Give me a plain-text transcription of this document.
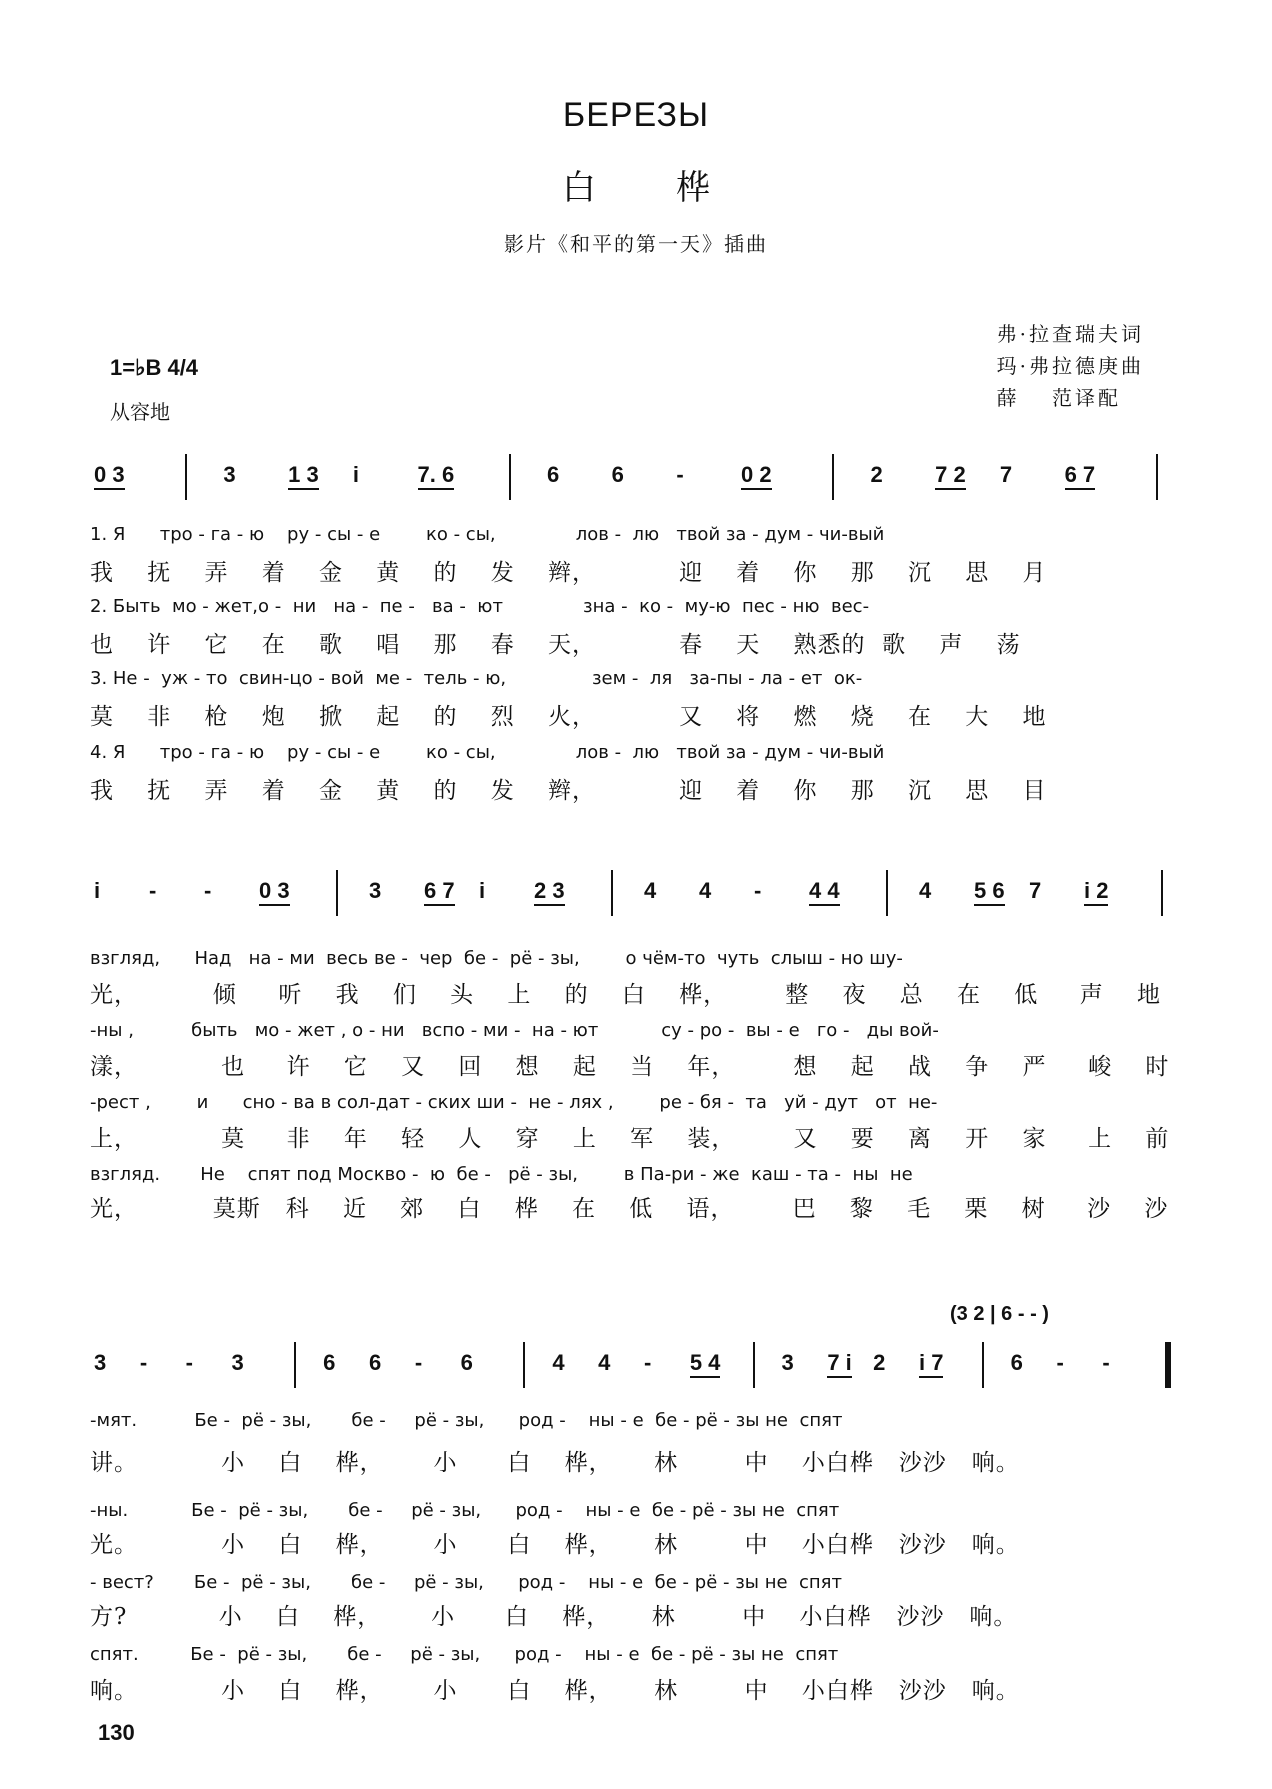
БЕРЕЗЫ
白桦
影片《和平的第一天》插曲
弗·拉查瑞夫词
玛·弗拉德庚曲
薛　 范译配
1=♭B 4/4
从容地
0 3	3 1 3 i	7. 6	6 6 -	0 2	2 7 2 7 6 7
1. Я      тро - га - ю    ру - сы - е        ко - сы,              лов -  лю   твой за - дум - чи-вый
我    抚    弄    着    金    黄    的    发    辫，          迎    着    你    那    沉    思    月
2. Быть  мо - жет,о -  ни   на -  пе -   ва -  ют              зна -  ко -  му-ю  пес - ню  вес-
也    许    它    在    歌    唱    那    春    天，          春    天    熟悉的  歌    声    荡
3. Не -  уж - то  свин-цо - вой  ме -  тель - ю,               зем -  ля   за-пы - ла - ет  ок-
莫    非    枪    炮    掀    起    的    烈    火，          又    将    燃    烧    在    大    地
4. Я      тро - га - ю    ру - сы - е        ко - сы,              лов -  лю   твой за - дум - чи-вый
我    抚    弄    着    金    黄    的    发    辫，          迎    着    你    那    沉    思    目
i - - 0 3	3 6 7 i 2 3	4 4 - 4 4	4 5 6 7 i 2
взгляд,      Над   на - ми  весь ве -  чер  бе -  рё - зы,        о чём-то  чуть  слыш - но шу-
光，         倾     听    我    们    头    上    的    白    桦，       整    夜    总    在    低     声    地
-ны ,          быть   мо - жет , о - ни   вспо - ми -  на - ют           су - ро -  вы - е   го -   ды вой-
漾，          也     许    它    又    回    想    起    当    年，       想    起    战    争    严     峻    时
-рест ,        и      сно - ва в сол-дат - ских ши -  не - лях ,        ре - бя -  та   уй - дут   от  не-
上，          莫     非    年    轻    人    穿    上    军    装，       又    要    离    开    家     上    前
взгляд.       Не    спят под Москво -  ю  бе -   рё - зы,        в Па-ри - же  каш - та -  ны  не
光，         莫斯   科    近    郊    白    桦    在    低    语，       巴    黎    毛    栗    树     沙    沙
(3 2 | 6 - - )
3 - - 3	6 6 - 6	4 4 - 5 4	3 7 i 2 i 7	6 - -
-мят.          Бе -  рё - зы,       бе -     рё - зы,      род -    ны - е  бе - рё - зы не  спят
讲。          小    白    桦，      小      白    桦，     林        中    小白桦   沙沙   响。
-ны.           Бе -  рё - зы,       бе -     рё - зы,      род -    ны - е  бе - рё - зы не  спят
光。          小    白    桦，      小      白    桦，     林        中    小白桦   沙沙   响。
- вест?       Бе -  рё - зы,       бе -     рё - зы,      род -    ны - е  бе - рё - зы не  спят
方?           小    白    桦，      小      白    桦，     林        中    小白桦   沙沙   响。
спят.         Бе -  рё - зы,       бе -     рё - зы,      род -    ны - е  бе - рё - зы не  спят
响。          小    白    桦，      小      白    桦，     林        中    小白桦   沙沙   响。
130
